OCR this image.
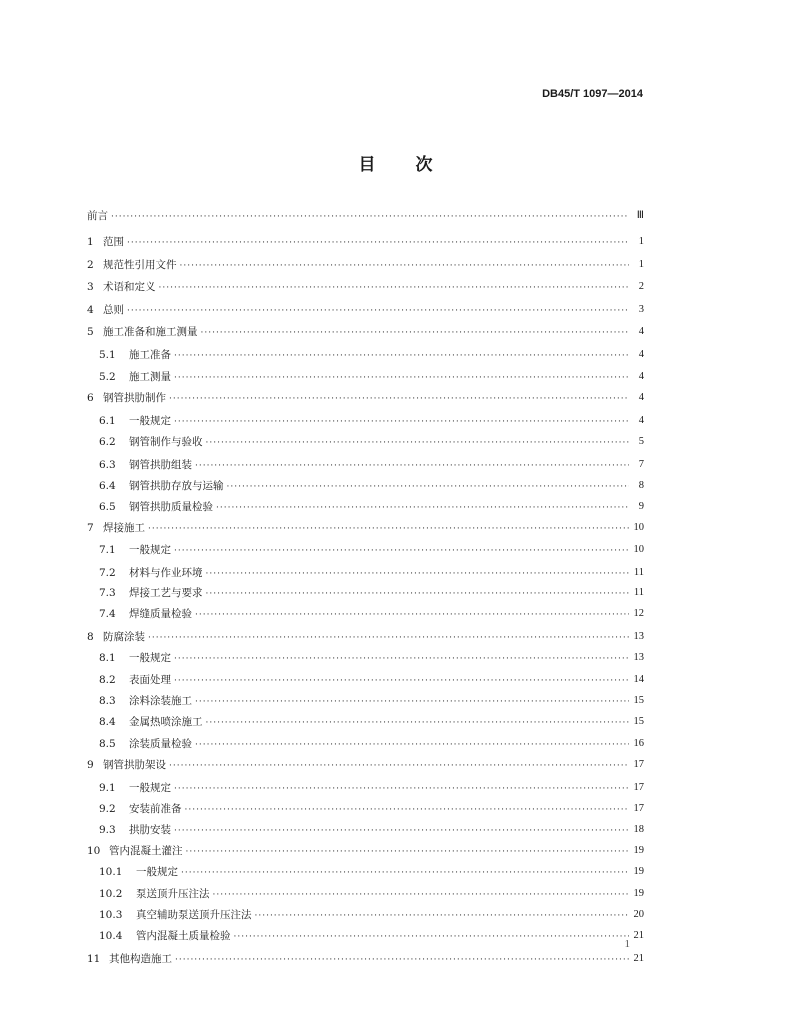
DB45/T 1097—2014
目 次
前言 ·····	Ⅲ
1 范围 ·····	1
2 规范性引用文件 ·····	1
3 术语和定义 ·····	2
4 总则 ·····	3
5 施工准备和施工测量 ·····	4
5.1	施工准备 ·····	4
5.2	施工测量 ·····	4
6 钢管拱肋制作 ·····	4
6.1	一般规定 ·····	4
6.2	钢管制作与验收 ·····	5
6.3	钢管拱肋组装 ·····	7
6.4	钢管拱肋存放与运输 ·····	8
6.5	钢管拱肋质量检验 ·····	9
7 焊接施工 ·····	10
7.1	一般规定 ·····	10
7.2	材料与作业环境 ·····	11
7.3	焊接工艺与要求 ·····	11
7.4	焊缝质量检验 ·····	12
8 防腐涂装 ·····	13
8.1	一般规定 ·····	13
8.2	表面处理 ·····	14
8.3	涂料涂装施工 ·····	15
8.4	金属热喷涂施工 ·····	15
8.5	涂装质量检验 ·····	16
9 钢管拱肋架设 ·····	17
9.1	一般规定 ·····	17
9.2	安装前准备 ·····	17
9.3	拱肋安装 ·····	18
10 管内混凝土灌注 ·····	19
10.1	一般规定 ·····	19
10.2	泵送顶升压注法 ·····	19
10.3	真空辅助泵送顶升压注法 ·····	20
10.4	管内混凝土质量检验 ·····	21
11 其他构造施工 ·····	21
1
